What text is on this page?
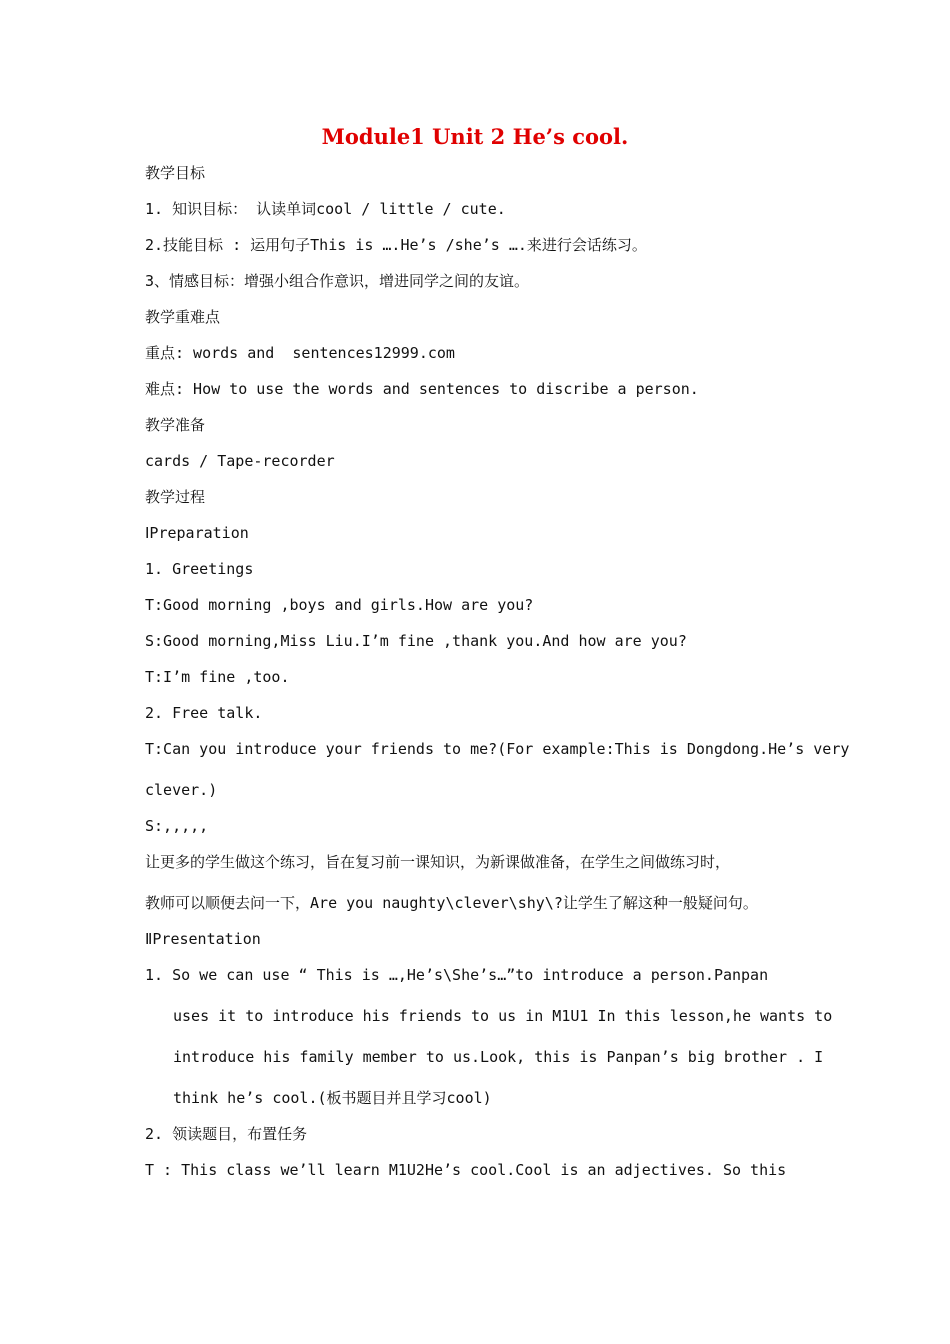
Module1 Unit 2 He’s cool.
教学目标
1. 知识目标： 认读单词cool / little / cute.
2.技能目标 : 运用句子This is ….He’s /she’s ….来进行会话练习。
3、情感目标：增强小组合作意识，增进同学之间的友谊。
教学重难点
重点: words and  sentences12999.com
难点: How to use the words and sentences to discribe a person.
教学准备
cards / Tape-recorder
教学过程
ⅠPreparation
1. Greetings
T:Good morning ,boys and girls.How are you?
S:Good morning,Miss Liu.I’m fine ,thank you.And how are you?
T:I’m fine ,too.
2. Free talk.
T:Can you introduce your friends to me?(For example:This is Dongdong.He’s very
clever.)
S:,,,,,
让更多的学生做这个练习，旨在复习前一课知识，为新课做准备，在学生之间做练习时，
教师可以顺便去问一下，Are you naughty\clever\shy\?让学生了解这种一般疑问句。
ⅡPresentation
1. So we can use “ This is …,He’s\She’s…”to introduce a person.Panpan
uses it to introduce his friends to us in M1U1 In this lesson,he wants to
introduce his family member to us.Look, this is Panpan’s big brother . I
think he’s cool.(板书题目并且学习cool)
2. 领读题目，布置任务
T : This class we’ll learn M1U2He’s cool.Cool is an adjectives. So this
